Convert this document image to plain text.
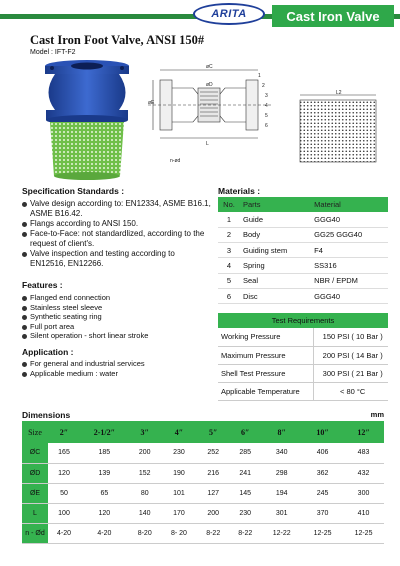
ARITA	Cast Iron Valve
Cast Iron Foot Valve, ANSI 150#
Model : IFT-F2
1
2
3
4
5
6
øC
øD
øE
L
n-ød
L2
Specification Standards :
Valve design according to: EN12334, ASME B16.1, ASME B16.42.
Flangs according to ANSI 150.
Face-to-Face: not standardlized, according to the request of client's.
Valve inspection and testing according to EN12516, EN12266.
Features :
Flanged end connection
Stainless steel sleeve
Synthetic seating ring
Full port area
Silent operation - short linear stroke
Application :
For general and industrial services
Applicable medium : water
Materials :
No.	Parts	Material
1	Guide	GGG40
2	Body	GG25 GGG40
3	Guiding stem	F4
4	Spring	SS316
5	Seal	NBR / EPDM
6	Disc	GGG40
Test Requirements	
Working Pressure	150 PSI ( 10 Bar )
Maximum Pressure	200 PSI ( 14 Bar )
Shell Test Pressure	300 PSI ( 21 Bar )
Applicable Temperature	< 80 °C
Dimensions	mm
Size	2″	2-1/2″	3″	4″	5″	6″	8″	10″	12″
ØC	165	185	200	230	252	285	340	406	483
ØD	120	139	152	190	216	241	298	362	432
ØE	50	65	80	101	127	145	194	245	300
L	100	120	140	170	200	230	301	370	410
n - Ød	4-20	4-20	8-20	8- 20	8-22	8-22	12-22	12-25	12-25
